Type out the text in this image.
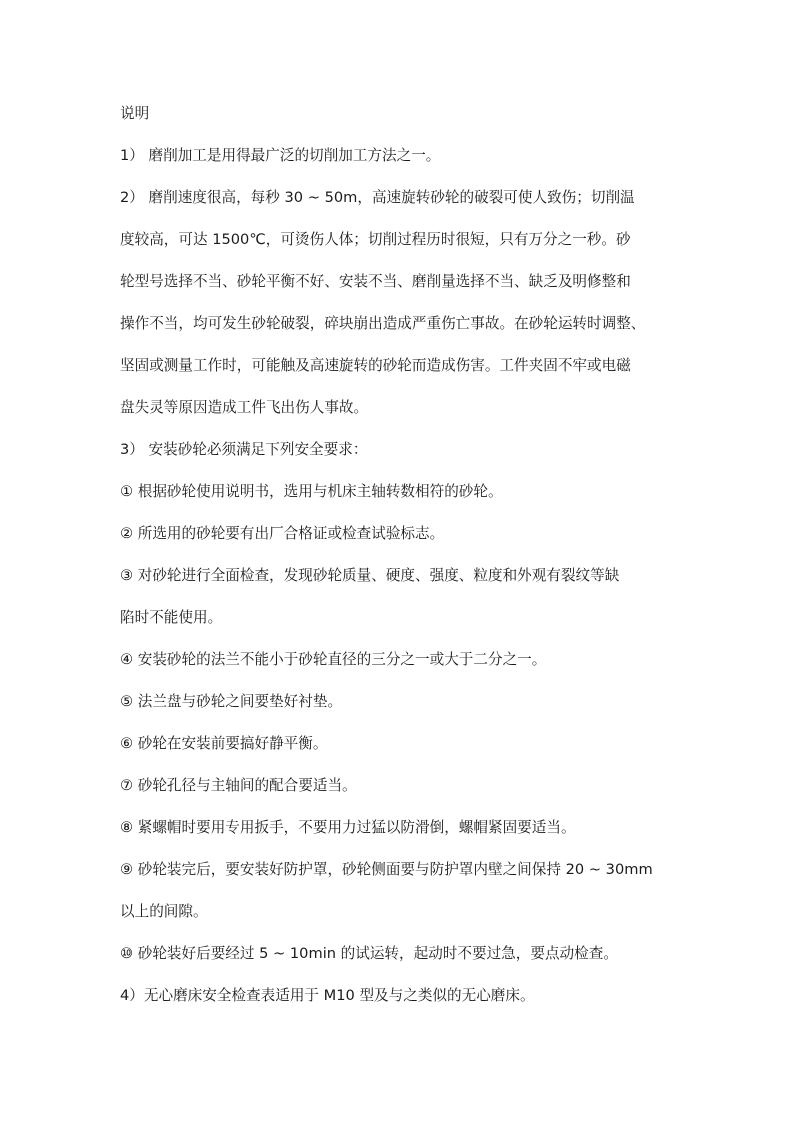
说明

1） 磨削加工是用得最广泛的切削加工方法之一。

2） 磨削速度很高，每秒 30 ~ 50m，高速旋转砂轮的破裂可使人致伤；切削温

度较高，可达 1500℃，可烫伤人体；切削过程历时很短，只有万分之一秒。砂

轮型号选择不当、砂轮平衡不好、安装不当、磨削量选择不当、缺乏及明修整和

操作不当，均可发生砂轮破裂，碎块崩出造成严重伤亡事故。在砂轮运转时调整、

坚固或测量工作时，可能触及高速旋转的砂轮而造成伤害。工件夹固不牢或电磁

盘失灵等原因造成工件飞出伤人事故。

3） 安装砂轮必须满足下列安全要求：

① 根据砂轮使用说明书，选用与机床主轴转数相符的砂轮。

② 所选用的砂轮要有出厂合格证或检查试验标志。

③ 对砂轮进行全面检查，发现砂轮质量、硬度、强度、粒度和外观有裂纹等缺

陷时不能使用。

④ 安装砂轮的法兰不能小于砂轮直径的三分之一或大于二分之一。

⑤ 法兰盘与砂轮之间要垫好衬垫。

⑥ 砂轮在安装前要搞好静平衡。

⑦ 砂轮孔径与主轴间的配合要适当。

⑧ 紧螺帽时要用专用扳手，不要用力过猛以防滑倒，螺帽紧固要适当。

⑨ 砂轮装完后，要安装好防护罩，砂轮侧面要与防护罩内壁之间保持 20 ~ 30mm

以上的间隙。

⑩ 砂轮装好后要经过 5 ~ 10min 的试运转，起动时不要过急，要点动检查。

4）无心磨床安全检查表适用于 M10 型及与之类似的无心磨床。
